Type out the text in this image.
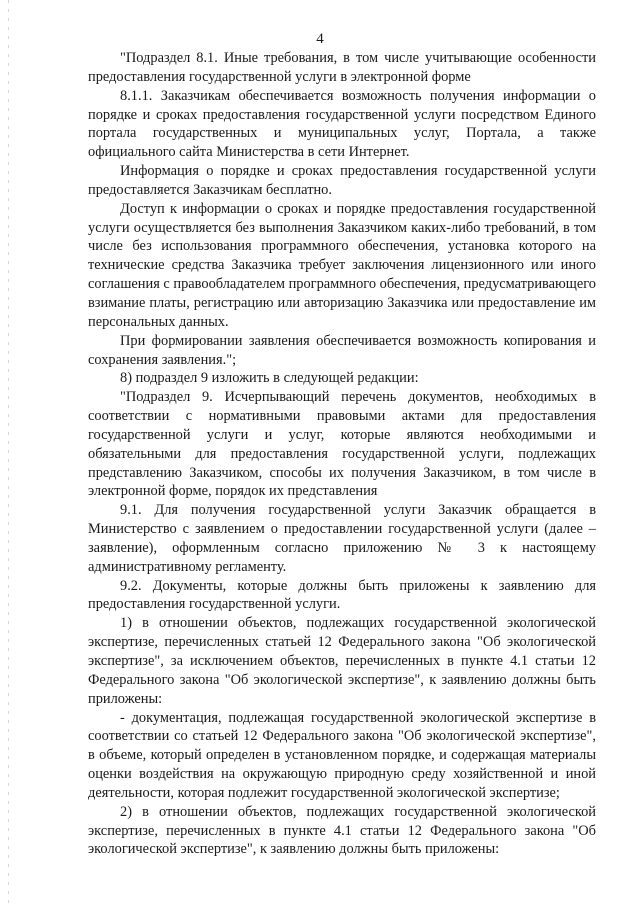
4

"Подраздел 8.1. Иные требования, в том числе учитывающие особенности предоставления государственной услуги в электронной форме

8.1.1. Заказчикам обеспечивается возможность получения информации о порядке и сроках предоставления государственной услуги посредством Единого портала государственных и муниципальных услуг, Портала, а также официального сайта Министерства в сети Интернет.

Информация о порядке и сроках предоставления государственной услуги предоставляется Заказчикам бесплатно.

Доступ к информации о сроках и порядке предоставления государственной услуги осуществляется без выполнения Заказчиком каких-либо требований, в том числе без использования программного обеспечения, установка которого на технические средства Заказчика требует заключения лицензионного или иного соглашения с правообладателем программного обеспечения, предусматривающего взимание платы, регистрацию или авторизацию Заказчика или предоставление им персональных данных.

При формировании заявления обеспечивается возможность копирования и сохранения заявления.";

8) подраздел 9 изложить в следующей редакции:

"Подраздел 9. Исчерпывающий перечень документов, необходимых в соответствии с нормативными правовыми актами для предоставления государственной услуги и услуг, которые являются необходимыми и обязательными для предоставления государственной услуги, подлежащих представлению Заказчиком, способы их получения Заказчиком, в том числе в электронной форме, порядок их представления

9.1. Для получения государственной услуги Заказчик обращается в Министерство с заявлением о предоставлении государственной услуги (далее – заявление), оформленным согласно приложению № 3 к настоящему административному регламенту.

9.2. Документы, которые должны быть приложены к заявлению для предоставления государственной услуги.

1) в отношении объектов, подлежащих государственной экологической экспертизе, перечисленных статьей 12 Федерального закона "Об экологической экспертизе", за исключением объектов, перечисленных в пункте 4.1 статьи 12 Федерального закона "Об экологической экспертизе", к заявлению должны быть приложены:

- документация, подлежащая государственной экологической экспертизе в соответствии со статьей 12 Федерального закона "Об экологической экспертизе", в объеме, который определен в установленном порядке, и содержащая материалы оценки воздействия на окружающую природную среду хозяйственной и иной деятельности, которая подлежит государственной экологической экспертизе;

2) в отношении объектов, подлежащих государственной экологической экспертизе, перечисленных в пункте 4.1 статьи 12 Федерального закона "Об экологической экспертизе", к заявлению должны быть приложены:
